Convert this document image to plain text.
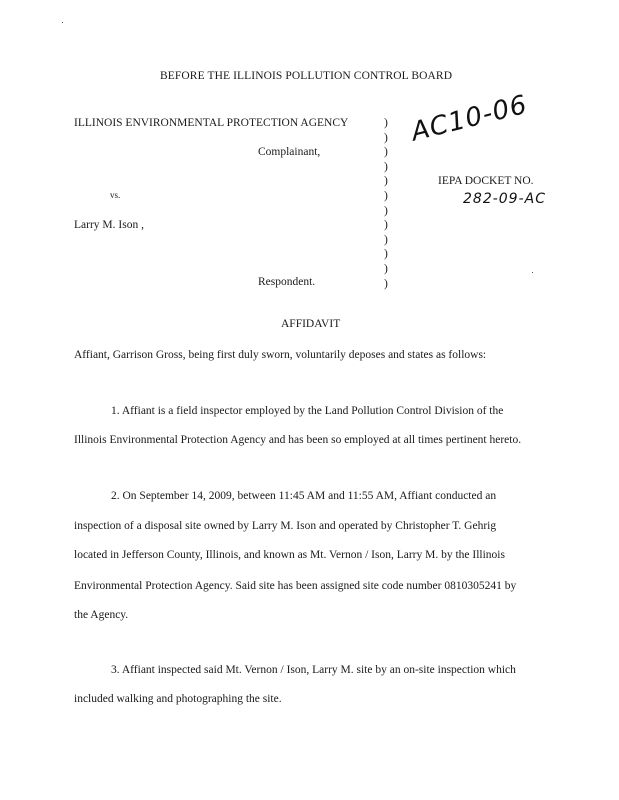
BEFORE THE ILLINOIS POLLUTION CONTROL BOARD
ILLINOIS ENVIRONMENTAL PROTECTION AGENCY
Complainant,
vs.
Larry M. Ison ,
Respondent.
)
)
)
)
)
)
)
)
)
)
)
)
AC10-06
IEPA DOCKET NO.
282-09-AC
AFFIDAVIT
Affiant, Garrison Gross, being first duly sworn, voluntarily deposes and states as follows:
1. Affiant is a field inspector employed by the Land Pollution Control Division of the
Illinois Environmental Protection Agency and has been so employed at all times pertinent hereto.
2. On September 14, 2009, between 11:45 AM and 11:55 AM, Affiant conducted an
inspection of a disposal site owned by Larry M. Ison and operated by Christopher T. Gehrig
located in Jefferson County, Illinois, and known as Mt. Vernon / Ison, Larry M. by the Illinois
Environmental Protection Agency. Said site has been assigned site code number 0810305241 by
the Agency.
3. Affiant inspected said Mt. Vernon / Ison, Larry M. site by an on-site inspection which
included walking and photographing the site.
